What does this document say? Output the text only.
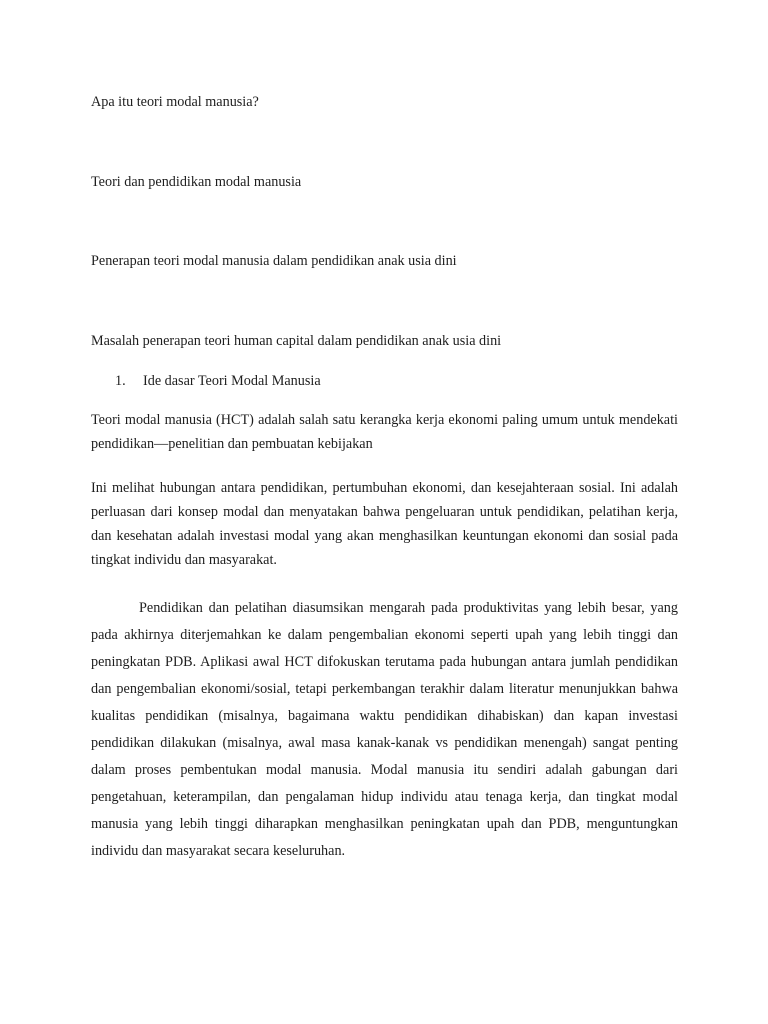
Apa itu teori modal manusia?

Teori dan pendidikan modal manusia

Penerapan teori modal manusia dalam pendidikan anak usia dini

Masalah penerapan teori human capital dalam pendidikan anak usia dini

1. Ide dasar Teori Modal Manusia

Teori modal manusia (HCT) adalah salah satu kerangka kerja ekonomi paling umum untuk mendekati pendidikan—penelitian dan pembuatan kebijakan

Ini melihat hubungan antara pendidikan, pertumbuhan ekonomi, dan kesejahteraan sosial. Ini adalah perluasan dari konsep modal dan menyatakan bahwa pengeluaran untuk pendidikan, pelatihan kerja, dan kesehatan adalah investasi modal yang akan menghasilkan keuntungan ekonomi dan sosial pada tingkat individu dan masyarakat.

Pendidikan dan pelatihan diasumsikan mengarah pada produktivitas yang lebih besar, yang pada akhirnya diterjemahkan ke dalam pengembalian ekonomi seperti upah yang lebih tinggi dan peningkatan PDB. Aplikasi awal HCT difokuskan terutama pada hubungan antara jumlah pendidikan dan pengembalian ekonomi/sosial, tetapi perkembangan terakhir dalam literatur menunjukkan bahwa kualitas pendidikan (misalnya, bagaimana waktu pendidikan dihabiskan) dan kapan investasi pendidikan dilakukan (misalnya, awal masa kanak-kanak vs pendidikan menengah) sangat penting dalam proses pembentukan modal manusia. Modal manusia itu sendiri adalah gabungan dari pengetahuan, keterampilan, dan pengalaman hidup individu atau tenaga kerja, dan tingkat modal manusia yang lebih tinggi diharapkan menghasilkan peningkatan upah dan PDB, menguntungkan individu dan masyarakat secara keseluruhan.
